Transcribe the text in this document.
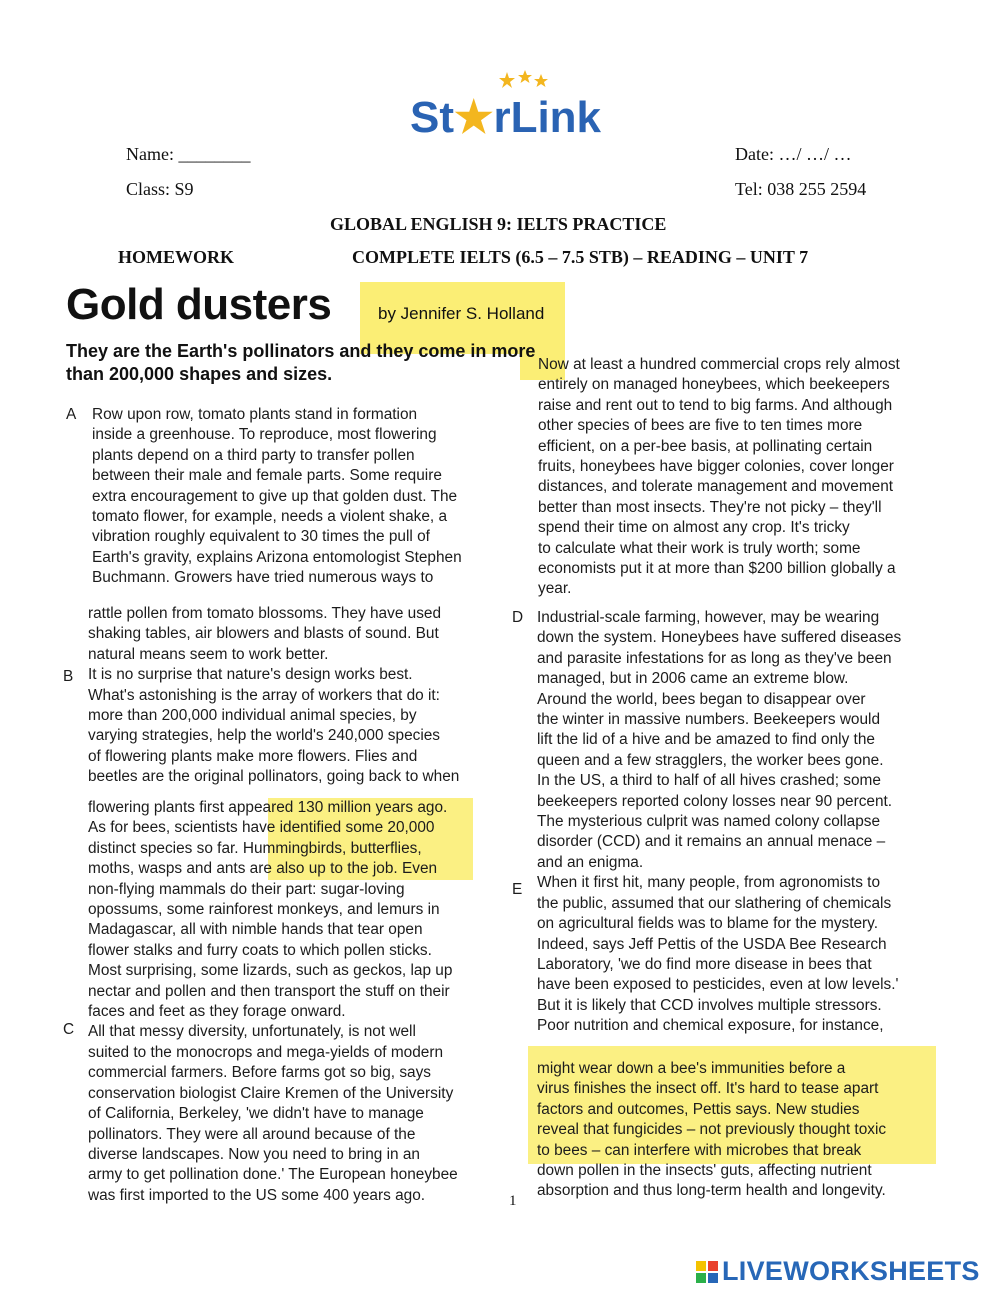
St★rLink
Name: ________	Date: …/ …/ …
Class: S9	Tel: 038 255 2594
GLOBAL ENGLISH 9: IELTS PRACTICE
HOMEWORK	COMPLETE IELTS (6.5 – 7.5 STB) – READING – UNIT 7
Gold dusters	by Jennifer S. Holland
They are the Earth's pollinators and they come in more
than 200,000 shapes and sizes.
A
B
C
D
E
Row upon row, tomato plants stand in formation
inside a greenhouse. To reproduce, most flowering
plants depend on a third party to transfer pollen
between their male and female parts. Some require
extra encouragement to give up that golden dust. The
tomato flower, for example, needs a violent shake, a
vibration roughly equivalent to 30 times the pull of
Earth's gravity, explains Arizona entomologist Stephen
Buchmann. Growers have tried numerous ways to
rattle pollen from tomato blossoms. They have used
shaking tables, air blowers and blasts of sound. But
natural means seem to work better.
It is no surprise that nature's design works best.
What's astonishing is the array of workers that do it:
more than 200,000 individual animal species, by
varying strategies, help the world's 240,000 species
of flowering plants make more flowers. Flies and
beetles are the original pollinators, going back to when
flowering plants first appeared 130 million years ago.
As for bees, scientists have identified some 20,000
distinct species so far. Hummingbirds, butterflies,
moths, wasps and ants are also up to the job. Even
non-flying mammals do their part: sugar-loving
opossums, some rainforest monkeys, and lemurs in
Madagascar, all with nimble hands that tear open
flower stalks and furry coats to which pollen sticks.
Most surprising, some lizards, such as geckos, lap up
nectar and pollen and then transport the stuff on their
faces and feet as they forage onward.
All that messy diversity, unfortunately, is not well
suited to the monocrops and mega-yields of modern
commercial farmers. Before farms got so big, says
conservation biologist Claire Kremen of the University
of California, Berkeley, 'we didn't have to manage
pollinators. They were all around because of the
diverse landscapes. Now you need to bring in an
army to get pollination done.' The European honeybee
was first imported to the US some 400 years ago.
Now at least a hundred commercial crops rely almost
entirely on managed honeybees, which beekeepers
raise and rent out to tend to big farms. And although
other species of bees are five to ten times more
efficient, on a per-bee basis, at pollinating certain
fruits, honeybees have bigger colonies, cover longer
distances, and tolerate management and movement
better than most insects. They're not picky – they'll
spend their time on almost any crop. It's tricky
to calculate what their work is truly worth; some
economists put it at more than $200 billion globally a
year.
Industrial-scale farming, however, may be wearing
down the system. Honeybees have suffered diseases
and parasite infestations for as long as they've been
managed, but in 2006 came an extreme blow.
Around the world, bees began to disappear over
the winter in massive numbers. Beekeepers would
lift the lid of a hive and be amazed to find only the
queen and a few stragglers, the worker bees gone.
In the US, a third to half of all hives crashed; some
beekeepers reported colony losses near 90 percent.
The mysterious culprit was named colony collapse
disorder (CCD) and it remains an annual menace –
and an enigma.
When it first hit, many people, from agronomists to
the public, assumed that our slathering of chemicals
on agricultural fields was to blame for the mystery.
Indeed, says Jeff Pettis of the USDA Bee Research
Laboratory, 'we do find more disease in bees that
have been exposed to pesticides, even at low levels.'
But it is likely that CCD involves multiple stressors.
Poor nutrition and chemical exposure, for instance,
might wear down a bee's immunities before a
virus finishes the insect off. It's hard to tease apart
factors and outcomes, Pettis says. New studies
reveal that fungicides – not previously thought toxic
to bees – can interfere with microbes that break
down pollen in the insects' guts, affecting nutrient
absorption and thus long-term health and longevity.
1
LIVEWORKSHEETS
